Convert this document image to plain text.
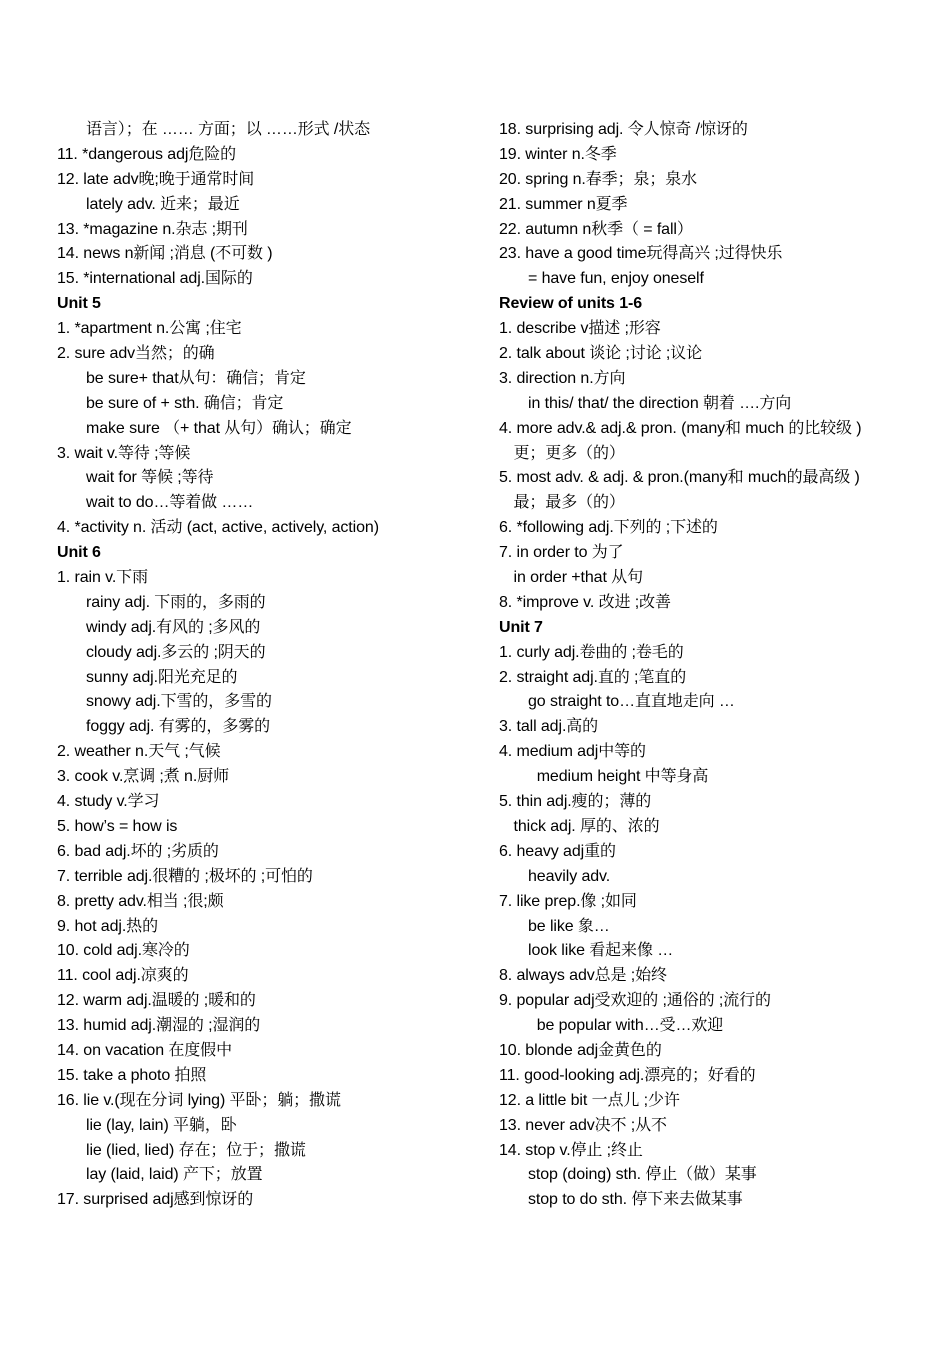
语言）；在 …… 方面；以 ……形式 /状态
11. *dangerous adj危险的
12. late adv晚;晚于通常时间
lately adv. 近来；最近
13. *magazine n.杂志 ;期刊
14. news n新闻 ;消息 (不可数 )
15. *international adj.国际的
Unit 5
1. *apartment n.公寓 ;住宅
2. sure adv当然；的确
be sure+ that从句：确信；肯定
be sure of + sth. 确信；肯定
make sure （+ that 从句）确认；确定
3. wait v.等待 ;等候
wait for 等候 ;等待
wait to do…等着做 ……
4. *activity n. 活动 (act, active, actively, action)
Unit 6
1. rain v.下雨
rainy adj. 下雨的，多雨的
windy adj.有风的 ;多风的
cloudy adj.多云的 ;阴天的
sunny adj.阳光充足的
snowy adj.下雪的，多雪的
foggy adj. 有雾的，多雾的
2. weather n.天气 ;气候
3. cook v.烹调 ;煮 n.厨师
4. study v.学习
5. how’s = how is
6. bad adj.坏的 ;劣质的
7. terrible adj.很糟的 ;极坏的 ;可怕的
8. pretty adv.相当 ;很;颇
9. hot adj.热的
10. cold adj.寒冷的
11. cool adj.凉爽的
12. warm adj.温暖的 ;暖和的
13. humid adj.潮湿的 ;湿润的
14. on vacation 在度假中
15. take a photo 拍照
16. lie v.(现在分词 lying) 平卧；躺；撒谎
lie (lay, lain) 平躺，卧
lie (lied, lied) 存在；位于；撒谎
lay (laid, laid) 产下；放置
17. surprised adj感到惊讶的
18. surprising adj. 令人惊奇 /惊讶的
19. winter n.冬季
20. spring n.春季；泉；泉水
21. summer n夏季
22. autumn n秋季（ = fall）
23. have a good time玩得高兴 ;过得快乐
= have fun, enjoy oneself
Review of units 1-6
1. describe v描述 ;形容
2. talk about 谈论 ;讨论 ;议论
3. direction n.方向
in this/ that/ the direction 朝着 ….方向
4. more adv.& adj.& pron. (many和 much 的比较级 )
更；更多（的）
5. most adv. & adj. & pron.(many和 much的最高级 )
最；最多（的）
6. *following adj.下列的 ;下述的
7. in order to 为了
in order +that 从句
8. *improve v. 改进 ;改善
Unit 7
1. curly adj.卷曲的 ;卷毛的
2. straight adj.直的 ;笔直的
go straight to…直直地走向 …
3. tall adj.高的
4. medium adj中等的
medium height 中等身高
5. thin adj.瘦的；薄的
thick adj. 厚的、浓的
6. heavy adj重的
heavily adv.
7. like prep.像 ;如同
be like 象…
look like 看起来像 …
8. always adv总是 ;始终
9. popular adj受欢迎的 ;通俗的 ;流行的
be popular with…受…欢迎
10. blonde adj金黄色的
11. good-looking adj.漂亮的；好看的
12. a little bit 一点儿 ;少许
13. never adv决不 ;从不
14. stop v.停止 ;终止
stop (doing) sth. 停止（做）某事
stop to do sth. 停下来去做某事
